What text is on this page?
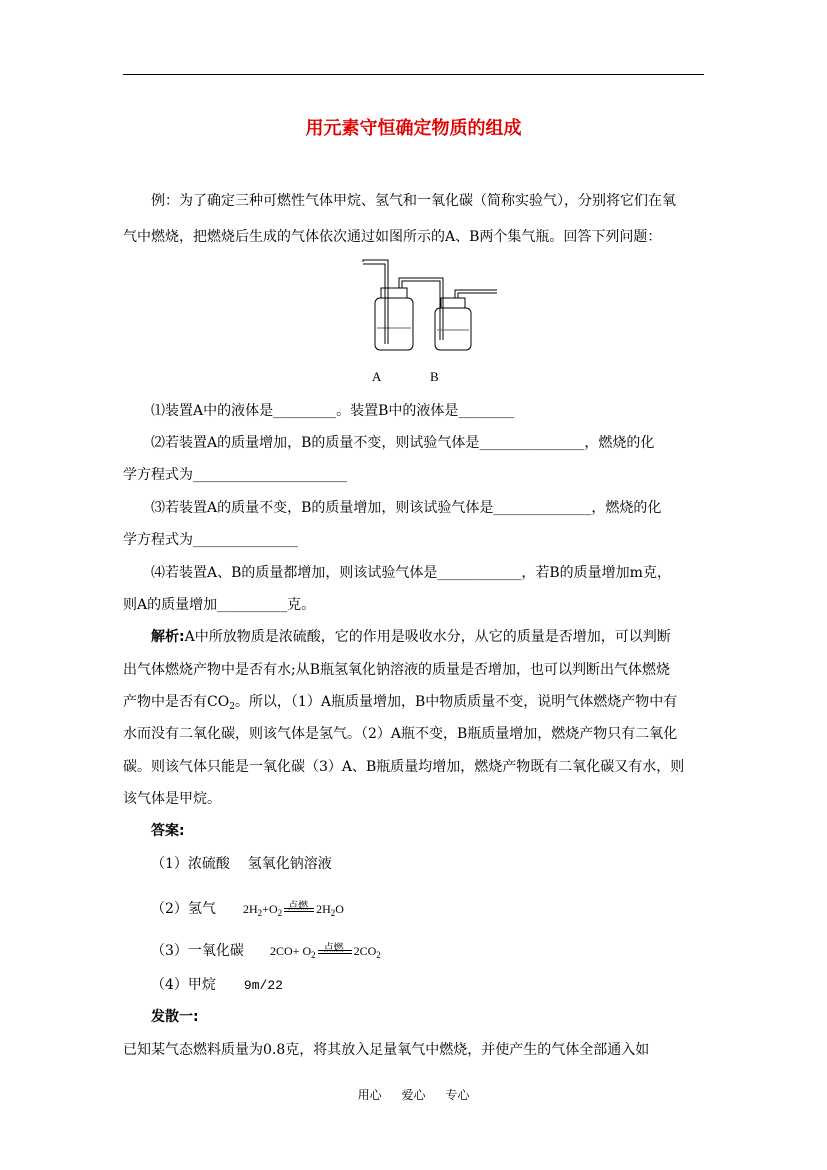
用元素守恒确定物质的组成
例：为了确定三种可燃性气体甲烷、氢气和一氧化碳（简称实验气），分别将它们在氧
气中燃烧，把燃烧后生成的气体依次通过如图所示的A、B两个集气瓶。回答下列问题：
A	B
⑴装置A中的液体是_________。装置B中的液体是________
⑵若装置A的质量增加，B的质量不变，则试验气体是_______________，燃烧的化
学方程式为______________________
⑶若装置A的质量不变，B的质量增加，则该试验气体是______________，燃烧的化
学方程式为_______________
⑷若装置A、B的质量都增加，则该试验气体是____________，若B的质量增加m克，
则A的质量增加__________克。
解析:A中所放物质是浓硫酸，它的作用是吸收水分，从它的质量是否增加，可以判断
出气体燃烧产物中是否有水;从B瓶氢氧化钠溶液的质量是否增加，也可以判断出气体燃烧
产物中是否有$CO_2$。所以，（1）A瓶质量增加，B中物质质量不变，说明气体燃烧产物中有
水而没有二氧化碳，则该气体是氢气。（2）A瓶不变，B瓶质量增加，燃烧产物只有二氧化
碳。则该气体只能是一氧化碳（3）A、B瓶质量均增加，燃烧产物既有二氧化碳又有水，则
该气体是甲烷。
答案:
（1）浓硫酸    氢氧化钠溶液
（2）氢气 $2H_2+O_2$
点燃 $2H_2O$
（3）一氧化碳 $2CO+ O_2$
点燃 $2CO_2$
（4）甲烷 9m/22
发散一:
已知某气态燃料质量为0.8克，将其放入足量氧气中燃烧，并使产生的气体全部通入如
用心 爱心 专心
